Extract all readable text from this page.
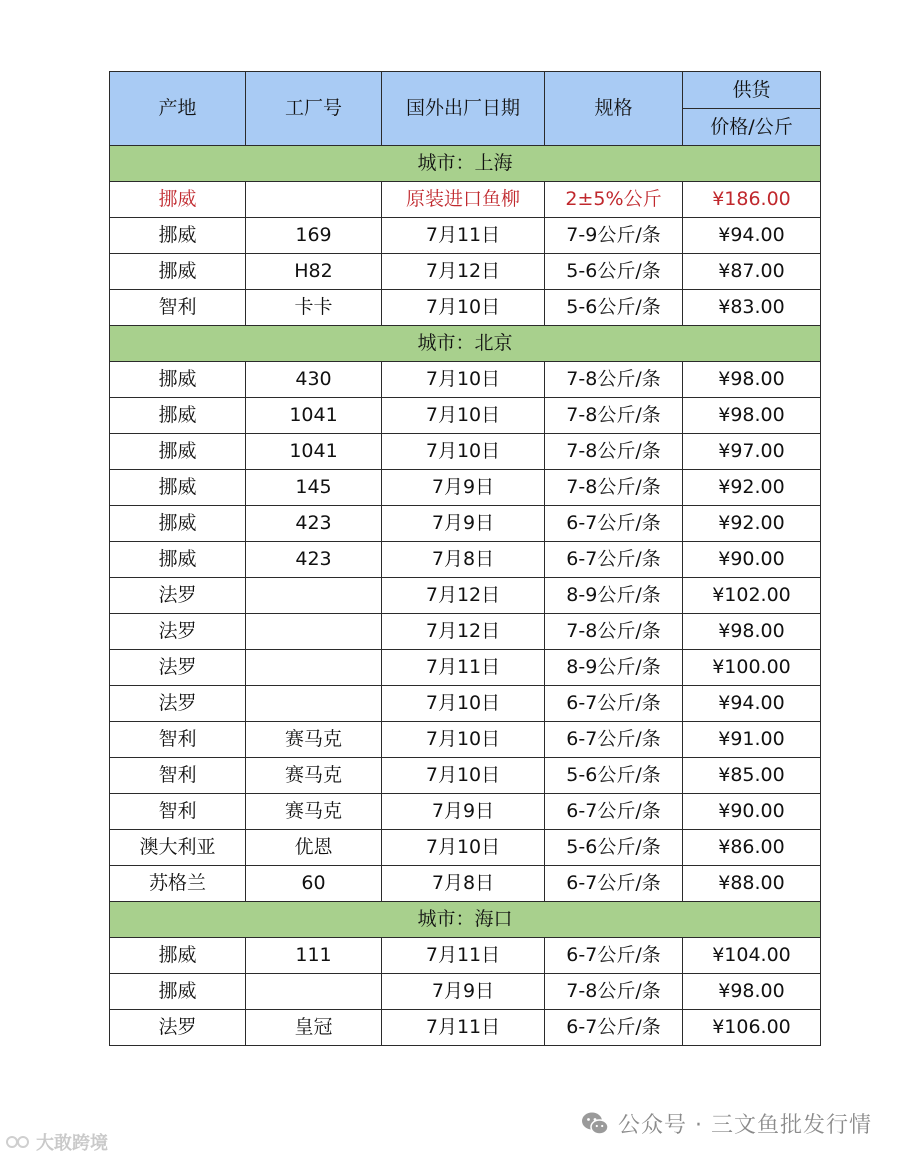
产地	工厂号	国外出厂日期	规格	供货
				价格/公斤
城市：上海				
挪威		原装进口鱼柳	2±5%公斤	¥186.00
挪威	169	7月11日	7-9公斤/条	¥94.00
挪威	H82	7月12日	5-6公斤/条	¥87.00
智利	卡卡	7月10日	5-6公斤/条	¥83.00
城市：北京				
挪威	430	7月10日	7-8公斤/条	¥98.00
挪威	1041	7月10日	7-8公斤/条	¥98.00
挪威	1041	7月10日	7-8公斤/条	¥97.00
挪威	145	7月9日	7-8公斤/条	¥92.00
挪威	423	7月9日	6-7公斤/条	¥92.00
挪威	423	7月8日	6-7公斤/条	¥90.00
法罗		7月12日	8-9公斤/条	¥102.00
法罗		7月12日	7-8公斤/条	¥98.00
法罗		7月11日	8-9公斤/条	¥100.00
法罗		7月10日	6-7公斤/条	¥94.00
智利	赛马克	7月10日	6-7公斤/条	¥91.00
智利	赛马克	7月10日	5-6公斤/条	¥85.00
智利	赛马克	7月9日	6-7公斤/条	¥90.00
澳大利亚	优恩	7月10日	5-6公斤/条	¥86.00
苏格兰	60	7月8日	6-7公斤/条	¥88.00
城市：海口				
挪威	111	7月11日	6-7公斤/条	¥104.00
挪威		7月9日	7-8公斤/条	¥98.00
法罗	皇冠	7月11日	6-7公斤/条	¥106.00
公众号 · 三文鱼批发行情
大敢跨境
